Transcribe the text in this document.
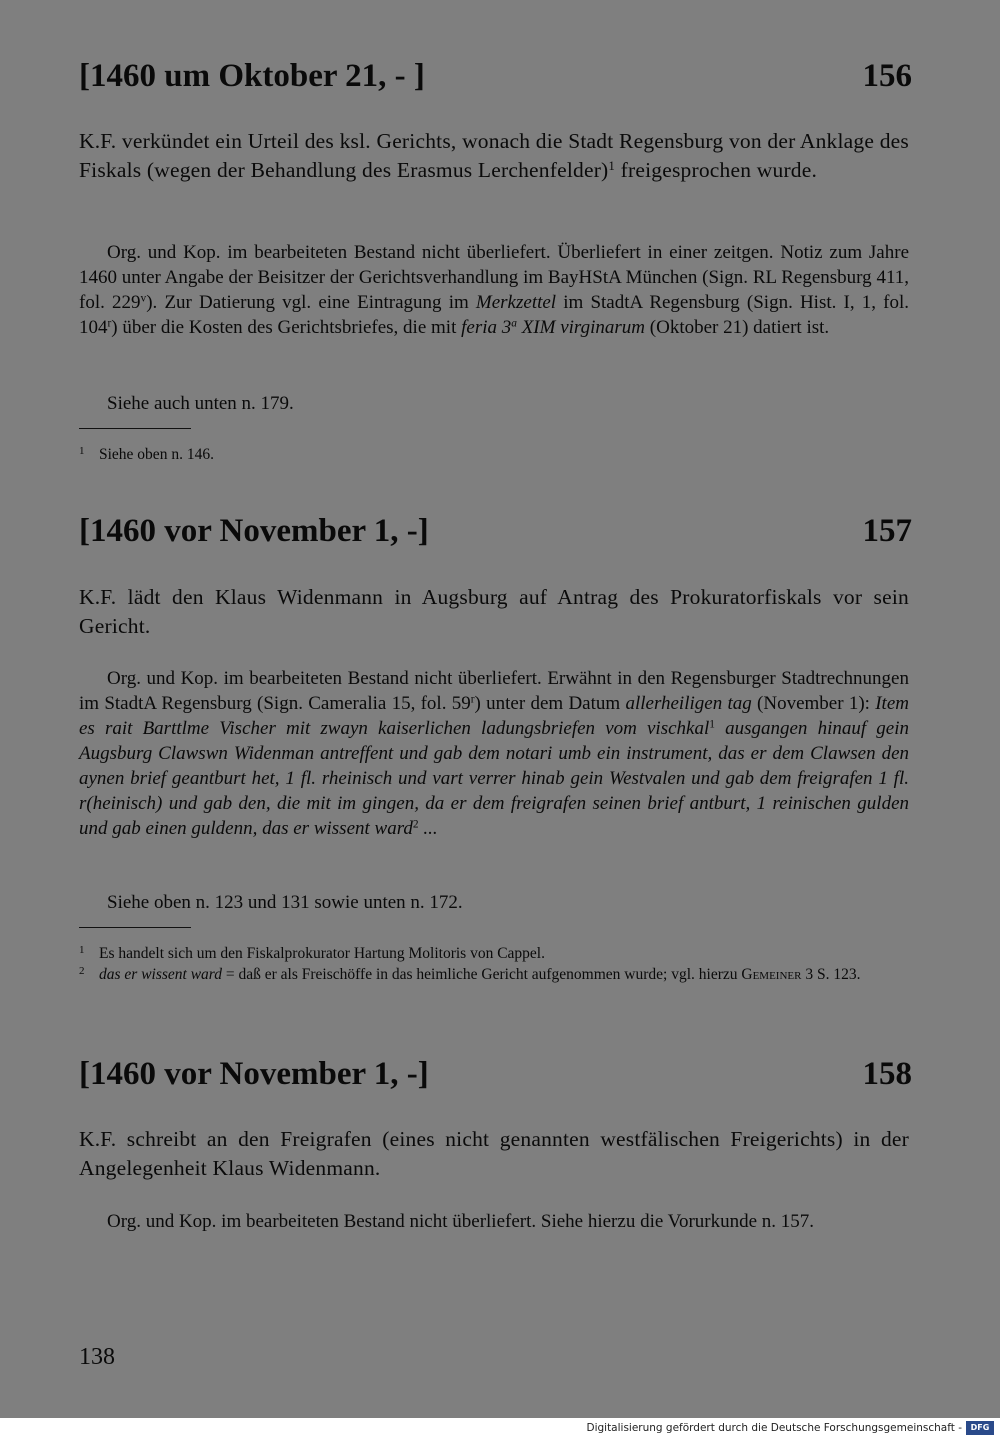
[1460 um Oktober 21, - ]	156
K.F. verkündet ein Urteil des ksl. Gerichts, wonach die Stadt Regensburg von der Anklage des Fiskals (wegen der Behandlung des Erasmus Lerchenfelder)$^1$ freigesprochen wurde.
Org. und Kop. im bearbeiteten Bestand nicht überliefert. Überliefert in einer zeitgen. Notiz zum Jahre 1460 unter Angabe der Beisitzer der Gerichtsverhandlung im BayHStA München (Sign. RL Regensburg 411, fol. 229$^v$). Zur Datierung vgl. eine Eintragung im Merkzettel im StadtA Regensburg (Sign. Hist. I, 1, fol. 104$^r$) über die Kosten des Gerichtsbriefes, die mit feria 3$^a$ XIM virginarum (Oktober 21) datiert ist.
Siehe auch unten n. 179.
1 Siehe oben n. 146.
[1460 vor November 1, -]	157
K.F. lädt den Klaus Widenmann in Augsburg auf Antrag des Prokuratorfiskals vor sein Gericht.
Org. und Kop. im bearbeiteten Bestand nicht überliefert. Erwähnt in den Regensburger Stadtrechnungen im StadtA Regensburg (Sign. Cameralia 15, fol. 59$^r$) unter dem Datum allerheiligen tag (November 1): Item es rait Barttlme Vischer mit zwayn kaiserlichen ladungsbriefen vom vischkal$^1$ ausgangen hinauf gein Augsburg Clawswn Widenman antreffent und gab dem notari umb ein instrument, das er dem Clawsen den aynen brief geantburt het, 1 fl. rheinisch und vart verrer hinab gein Westvalen und gab dem freigrafen 1 fl. r(heinisch) und gab den, die mit im gingen, da er dem freigrafen seinen brief antburt, 1 reinischen gulden und gab einen guldenn, das er wissent ward$^2$ ...
Siehe oben n. 123 und 131 sowie unten n. 172.
1 Es handelt sich um den Fiskalprokurator Hartung Molitoris von Cappel.
2 das er wissent ward = daß er als Freischöffe in das heimliche Gericht aufgenommen wurde; vgl. hierzu Gemeiner 3 S. 123.
[1460 vor November 1, -]	158
K.F. schreibt an den Freigrafen (eines nicht genannten westfälischen Freigerichts) in der Angelegenheit Klaus Widenmann.
Org. und Kop. im bearbeiteten Bestand nicht überliefert. Siehe hierzu die Vorurkunde n. 157.
138
Digitalisierung gefördert durch die Deutsche Forschungsgemeinschaft -	DFG
